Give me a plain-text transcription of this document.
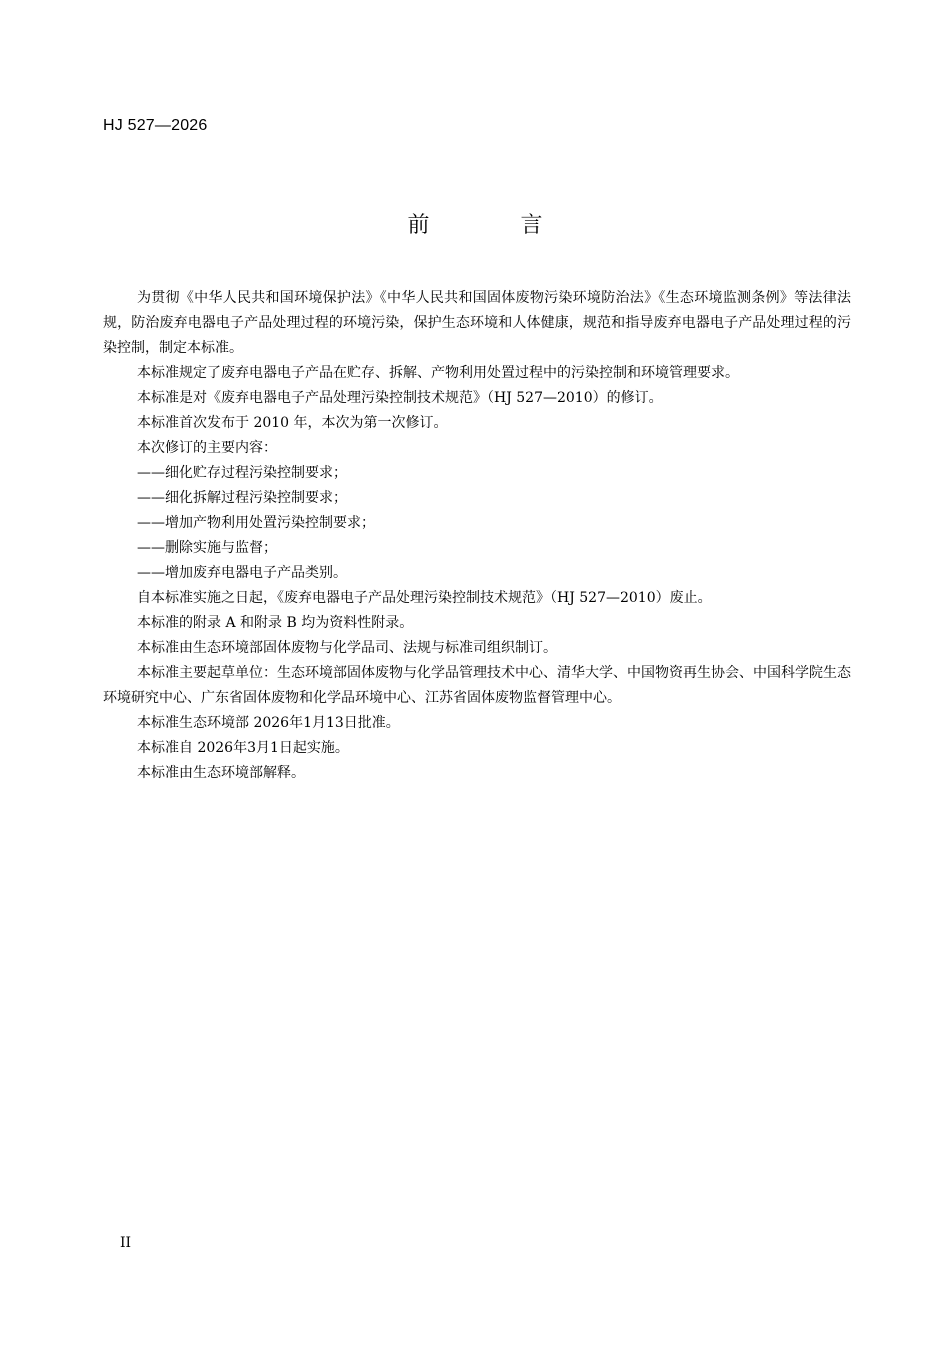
HJ 527—2026
前 言

为贯彻《中华人民共和国环境保护法》《中华人民共和国固体废物污染环境防治法》《生态环境监测条例》等法律法规，防治废弃电器电子产品处理过程的环境污染，保护生态环境和人体健康，规范和指导废弃电器电子产品处理过程的污染控制，制定本标准。

本标准规定了废弃电器电子产品在贮存、拆解、产物利用处置过程中的污染控制和环境管理要求。

本标准是对《废弃电器电子产品处理污染控制技术规范》（HJ 527—2010）的修订。

本标准首次发布于 2010 年，本次为第一次修订。

本次修订的主要内容：

——细化贮存过程污染控制要求；

——细化拆解过程污染控制要求；

——增加产物利用处置污染控制要求；

——删除实施与监督；

——增加废弃电器电子产品类别。

自本标准实施之日起，《废弃电器电子产品处理污染控制技术规范》（HJ 527—2010）废止。

本标准的附录 A 和附录 B 均为资料性附录。

本标准由生态环境部固体废物与化学品司、法规与标准司组织制订。

本标准主要起草单位：生态环境部固体废物与化学品管理技术中心、清华大学、中国物资再生协会、中国科学院生态环境研究中心、广东省固体废物和化学品环境中心、江苏省固体废物监督管理中心。

本标准生态环境部 2026年1月13日批准。

本标准自 2026年3月1日起实施。

本标准由生态环境部解释。

II
